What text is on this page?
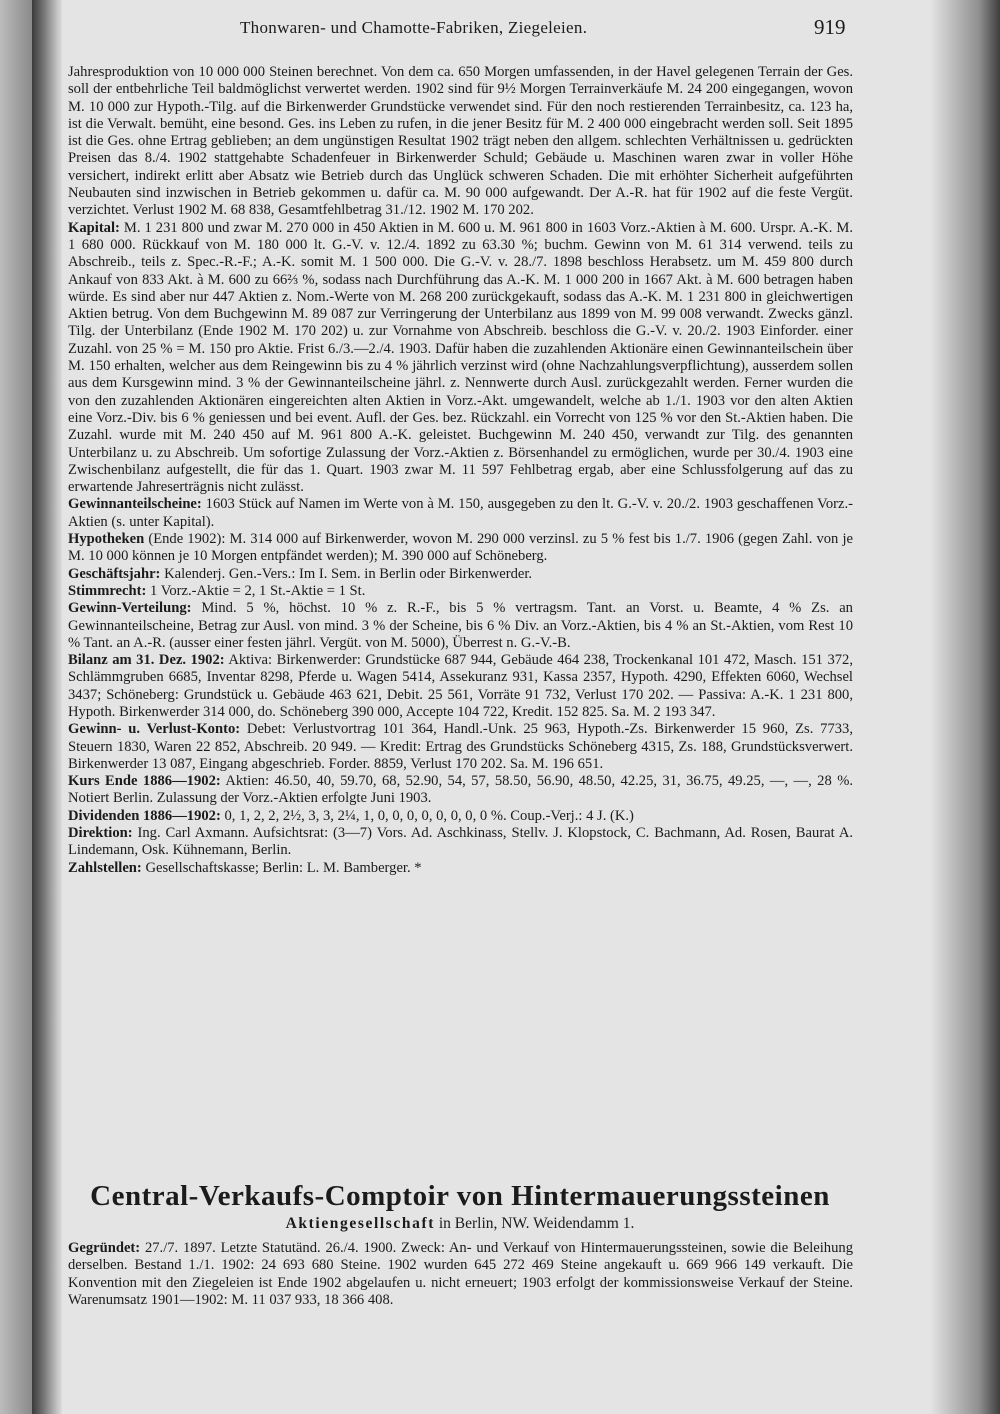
Thonwaren- und Chamotte-Fabriken, Ziegeleien.	919

Jahresproduktion von 10 000 000 Steinen berechnet. Von dem ca. 650 Morgen umfassenden, in der Havel gelegenen Terrain der Ges. soll der entbehrliche Teil baldmöglichst verwertet werden. 1902 sind für 9½ Morgen Terrainverkäufe M. 24 200 eingegangen, wovon M. 10 000 zur Hypoth.-Tilg. auf die Birkenwerder Grundstücke verwendet sind. Für den noch restierenden Terrainbesitz, ca. 123 ha, ist die Verwalt. bemüht, eine besond. Ges. ins Leben zu rufen, in die jener Besitz für M. 2 400 000 eingebracht werden soll. Seit 1895 ist die Ges. ohne Ertrag geblieben; an dem ungünstigen Resultat 1902 trägt neben den allgem. schlechten Verhältnissen u. gedrückten Preisen das 8./4. 1902 stattgehabte Schadenfeuer in Birkenwerder Schuld; Gebäude u. Maschinen waren zwar in voller Höhe versichert, indirekt erlitt aber Absatz wie Betrieb durch das Unglück schweren Schaden. Die mit erhöhter Sicherheit aufgeführten Neubauten sind inzwischen in Betrieb gekommen u. dafür ca. M. 90 000 aufgewandt. Der A.-R. hat für 1902 auf die feste Vergüt. verzichtet. Verlust 1902 M. 68 838, Gesamtfehlbetrag 31./12. 1902 M. 170 202.

Kapital: M. 1 231 800 und zwar M. 270 000 in 450 Aktien in M. 600 u. M. 961 800 in 1603 Vorz.-Aktien à M. 600. Urspr. A.-K. M. 1 680 000. Rückkauf von M. 180 000 lt. G.-V. v. 12./4. 1892 zu 63.30 %; buchm. Gewinn von M. 61 314 verwend. teils zu Abschreib., teils z. Spec.-R.-F.; A.-K. somit M. 1 500 000. Die G.-V. v. 28./7. 1898 beschloss Herabsetz. um M. 459 800 durch Ankauf von 833 Akt. à M. 600 zu 66⅔ %, sodass nach Durchführung das A.-K. M. 1 000 200 in 1667 Akt. à M. 600 betragen haben würde. Es sind aber nur 447 Aktien z. Nom.-Werte von M. 268 200 zurückgekauft, sodass das A.-K. M. 1 231 800 in gleichwertigen Aktien betrug. Von dem Buchgewinn M. 89 087 zur Verringerung der Unterbilanz aus 1899 von M. 99 008 verwandt. Zwecks gänzl. Tilg. der Unterbilanz (Ende 1902 M. 170 202) u. zur Vornahme von Abschreib. beschloss die G.-V. v. 20./2. 1903 Einforder. einer Zuzahl. von 25 % = M. 150 pro Aktie. Frist 6./3.—2./4. 1903. Dafür haben die zuzahlenden Aktionäre einen Gewinnanteilschein über M. 150 erhalten, welcher aus dem Reingewinn bis zu 4 % jährlich verzinst wird (ohne Nachzahlungsverpflichtung), ausserdem sollen aus dem Kursgewinn mind. 3 % der Gewinnanteilscheine jährl. z. Nennwerte durch Ausl. zurückgezahlt werden. Ferner wurden die von den zuzahlenden Aktionären eingereichten alten Aktien in Vorz.-Akt. umgewandelt, welche ab 1./1. 1903 vor den alten Aktien eine Vorz.-Div. bis 6 % geniessen und bei event. Aufl. der Ges. bez. Rückzahl. ein Vorrecht von 125 % vor den St.-Aktien haben. Die Zuzahl. wurde mit M. 240 450 auf M. 961 800 A.-K. geleistet. Buchgewinn M. 240 450, verwandt zur Tilg. des genannten Unterbilanz u. zu Abschreib. Um sofortige Zulassung der Vorz.-Aktien z. Börsenhandel zu ermöglichen, wurde per 30./4. 1903 eine Zwischenbilanz aufgestellt, die für das 1. Quart. 1903 zwar M. 11 597 Fehlbetrag ergab, aber eine Schlussfolgerung auf das zu erwartende Jahreserträgnis nicht zulässt.

Gewinnanteilscheine: 1603 Stück auf Namen im Werte von à M. 150, ausgegeben zu den lt. G.-V. v. 20./2. 1903 geschaffenen Vorz.-Aktien (s. unter Kapital).

Hypotheken (Ende 1902): M. 314 000 auf Birkenwerder, wovon M. 290 000 verzinsl. zu 5 % fest bis 1./7. 1906 (gegen Zahl. von je M. 10 000 können je 10 Morgen entpfändet werden); M. 390 000 auf Schöneberg.

Geschäftsjahr: Kalenderj. Gen.-Vers.: Im I. Sem. in Berlin oder Birkenwerder.

Stimmrecht: 1 Vorz.-Aktie = 2, 1 St.-Aktie = 1 St.

Gewinn-Verteilung: Mind. 5 %, höchst. 10 % z. R.-F., bis 5 % vertragsm. Tant. an Vorst. u. Beamte, 4 % Zs. an Gewinnanteilscheine, Betrag zur Ausl. von mind. 3 % der Scheine, bis 6 % Div. an Vorz.-Aktien, bis 4 % an St.-Aktien, vom Rest 10 % Tant. an A.-R. (ausser einer festen jährl. Vergüt. von M. 5000), Überrest n. G.-V.-B.

Bilanz am 31. Dez. 1902: Aktiva: Birkenwerder: Grundstücke 687 944, Gebäude 464 238, Trockenkanal 101 472, Masch. 151 372, Schlämmgruben 6685, Inventar 8298, Pferde u. Wagen 5414, Assekuranz 931, Kassa 2357, Hypoth. 4290, Effekten 6060, Wechsel 3437; Schöneberg: Grundstück u. Gebäude 463 621, Debit. 25 561, Vorräte 91 732, Verlust 170 202. — Passiva: A.-K. 1 231 800, Hypoth. Birkenwerder 314 000, do. Schöneberg 390 000, Accepte 104 722, Kredit. 152 825. Sa. M. 2 193 347.

Gewinn- u. Verlust-Konto: Debet: Verlustvortrag 101 364, Handl.-Unk. 25 963, Hypoth.-Zs. Birkenwerder 15 960, Zs. 7733, Steuern 1830, Waren 22 852, Abschreib. 20 949. — Kredit: Ertrag des Grundstücks Schöneberg 4315, Zs. 188, Grundstücksverwert. Birkenwerder 13 087, Eingang abgeschrieb. Forder. 8859, Verlust 170 202. Sa. M. 196 651.

Kurs Ende 1886—1902: Aktien: 46.50, 40, 59.70, 68, 52.90, 54, 57, 58.50, 56.90, 48.50, 42.25, 31, 36.75, 49.25, —, —, 28 %. Notiert Berlin. Zulassung der Vorz.-Aktien erfolgte Juni 1903.

Dividenden 1886—1902: 0, 1, 2, 2, 2½, 3, 3, 2¼, 1, 0, 0, 0, 0, 0, 0, 0, 0 %. Coup.-Verj.: 4 J. (K.)

Direktion: Ing. Carl Axmann. Aufsichtsrat: (3—7) Vors. Ad. Aschkinass, Stellv. J. Klopstock, C. Bachmann, Ad. Rosen, Baurat A. Lindemann, Osk. Kühnemann, Berlin.

Zahlstellen: Gesellschaftskasse; Berlin: L. M. Bamberger. *

Central-Verkaufs-Comptoir von Hintermauerungssteinen
Aktiengesellschaft in Berlin, NW. Weidendamm 1.

Gegründet: 27./7. 1897. Letzte Statutänd. 26./4. 1900. Zweck: An- und Verkauf von Hintermauerungssteinen, sowie die Beleihung derselben. Bestand 1./1. 1902: 24 693 680 Steine. 1902 wurden 645 272 469 Steine angekauft u. 669 966 149 verkauft. Die Konvention mit den Ziegeleien ist Ende 1902 abgelaufen u. nicht erneuert; 1903 erfolgt der kommissionsweise Verkauf der Steine. Warenumsatz 1901—1902: M. 11 037 933, 18 366 408.
